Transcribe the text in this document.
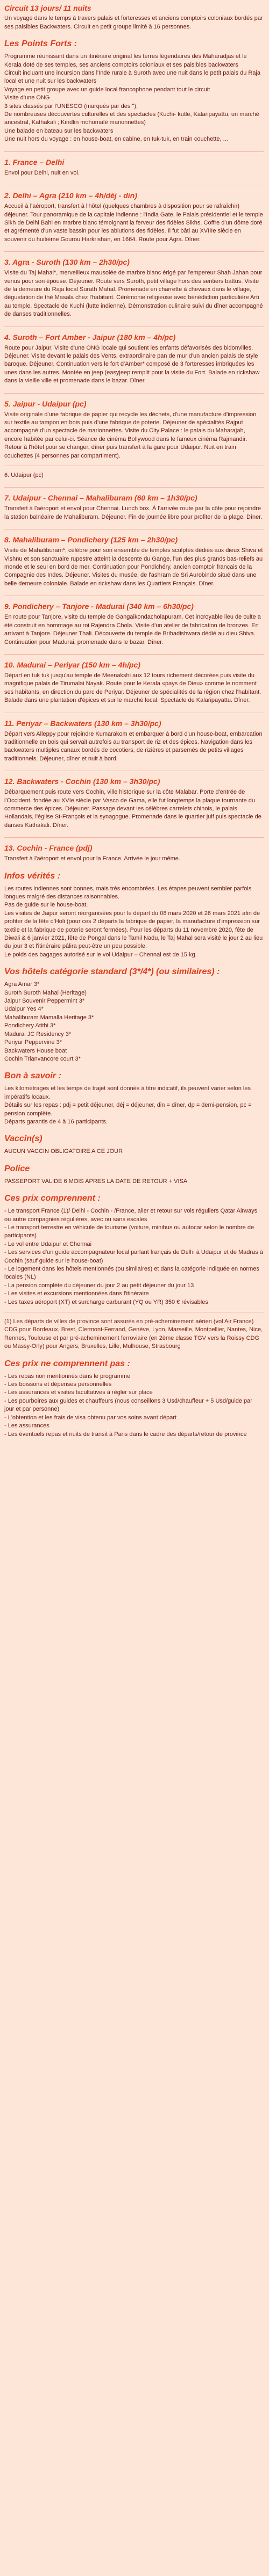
Circuit 13 jours/ 11 nuits

Un voyage dans le temps à travers palais et forteresses et anciens comptoirs coloniaux bordés par ses paisibles Backwaters. Circuit en petit groupe limité à 16 personnes.

Les Points Forts :

Programme réunissant dans un itinéraire original les terres légendaires des Maharadjas et le Kerala doté de ses temples, ses anciens comptoirs coloniaux et ses paisibles backwaters

Circuit incluant une incursion dans l'Inde rurale à Suroth avec une nuit dans le petit palais du Raja local et une nuit sur les backwaters

Voyage en petit groupe avec un guide local francophone pendant tout le circuit

Visite d'une ONG

3 sites classés par l'UNESCO (marqués par des "):

De nombreuses découvertes culturelles et des spectacles (Kuchi- kutle, Kalaripayattu, un marché ancestral, Kathakali ; Kindlin mohomalé marionnettes)

Une balade en bateau sur les backwaters

Une nuit hors du voyage : en house-boat, en cabine, en tuk-tuk, en train couchette, ...

1. France – Delhi

Envol pour Delhi, nuit en vol.

2. Delhi – Agra (210 km – 4h/déj - din)

Accueil à l'aéroport, transfert à l'hôtel (quelques chambres à disposition pour se rafraîchir) déjeuner. Tour panoramique de la capitale indienne : l'India Gate, le Palais présidentiel et le temple Sikh de Delhi Bahi en marbre blanc témoignant la ferveur des fidèles Sikhs. Coffre d'un dôme doré et agrémenté d'un vaste bassin pour les ablutions des fidèles. Il fut bâti au XVIIIe siècle en souvenir du huitième Gourou Harkrishan, en 1664. Route pour Agra. Dîner.

3. Agra - Suroth (130 km – 2h30/pc)

Visite du Taj Mahal*, merveilleux mausolée de marbre blanc érigé par l'empereur Shah Jahan pour venus pour son épouse. Déjeuner. Route vers Suroth, petit village hors des sentiers battus. Visite de la demeure du Raja local Surath Mahal. Promenade en charrette à chevaux dans le village, dégustation de thé Masala chez l'habitant. Cérémonie religieuse avec bénédiction particulière Arti au temple. Spectacle de Kuchi (lutte indienne). Démonstration culinaire suivi du dîner accompagné de danses traditionnelles.

4. Suroth – Fort Amber - Jaipur (180 km – 4h/pc)

Route pour Jaipur. Visite d'une ONG locale qui soutient les enfants défavorisés des bidonvilles. Déjeuner. Visite devant le palais des Vents, extraordinaire pan de mur d'un ancien palais de style baroque. Déjeuner. Continuation vers le fort d'Amber* composé de 3 forteresses imbriquées les unes dans les autres. Montée en jeep (easyjeep remplit pour la visite du Fort. Balade en rickshaw dans la vieille ville et promenade dans le bazar. Dîner.

5. Jaipur - Udaipur (pc)

Visite originale d'une fabrique de papier qui recycle les déchets, d'une manufacture d'impression sur textile au tampon en bois puis d'une fabrique de poterie. Déjeuner de spécialités Rajput accompagné d'un spectacle de marionnettes. Visite du City Palace : le palais du Maharajah, encore habitée par celui-ci. Séance de cinéma Bollywood dans le fameux cinéma Rajmandir. Retour à l'hôtel pour se changer, dîner puis transfert à la gare pour Udaipur. Nuit en train couchettes (4 personnes par compartiment).

6. Udaipur (pc)

7. Udaipur - Chennai – Mahaliburam (60 km – 1h30/pc)

Transfert à l'aéroport et envol pour Chennai. Lunch box. À l'arrivée route par la côte pour rejoindre la station balnéaire de Mahaliburam. Déjeuner. Fin de journée libre pour profiter de la plage. Dîner.

8. Mahaliburam – Pondichery (125 km – 2h30/pc)

Visite de Mahaliburam*, célèbre pour son ensemble de temples sculptés dédiés aux dieux Shiva et Vishnu et son sanctuaire rupestre atteint la descente du Gange, l'un des plus grands bas-reliefs au monde et le seul en bord de mer. Continuation pour Pondichéry, ancien comptoir français de la Compagnie des Indes. Déjeuner. Visites du musée, de l'ashram de Sri Aurobindo situé dans une belle demeure coloniale. Balade en rickshaw dans les Quartiers Français. Dîner.

9. Pondichery – Tanjore - Madurai (340 km – 6h30/pc)

En route pour Tanjore, visite du temple de Gangaikondacholapuram. Cet incroyable lieu de culte a été construit en hommage au roi Rajendra Chola. Visite d'un atelier de fabrication de bronzes. En arrivant à Tanjore. Déjeuner Thali. Découverte du temple de Brihadishwara dédié au dieu Shiva. Continuation pour Madurai, promenade dans le bazar. Dîner.

10. Madurai – Periyar (150 km – 4h/pc)

Départ en tuk tuk jusqu'au temple de Meenakshi aux 12 tours richement décorées puis visite du magnifique palais de Tirumalai Nayak. Route pour le Kerala «pays de Dieu» comme le nomment ses habitants, en direction du parc de Periyar. Déjeuner de spécialités de la région chez l'habitant. Balade dans une plantation d'épices et sur le marché local. Spectacle de Kalaripayattu. Dîner.

11. Periyar – Backwaters (130 km – 3h30/pc)

Départ vers Alleppy pour rejoindre Kumarakom et embarquer à bord d'un house-boat, embarcation traditionnelle en bois qui servait autrefois au transport de riz et des épices. Navigation dans les backwaters multiples canaux bordés de cocotiers, de rizières et parsemés de petits villages traditionnels. Déjeuner, dîner et nuit à bord.

12. Backwaters - Cochin (130 km – 3h30/pc)

Débarquement puis route vers Cochin, ville historique sur la côte Malabar. Porte d'entrée de l'Occident, fondée au XVIe siècle par Vasco de Gama, elle fut longtemps la plaque tournante du commerce des épices. Déjeuner. Passage devant les célèbres carrelets chinois, le palais Hollandais, l'église St-François et la synagogue. Promenade dans le quartier juif puis spectacle de danses Kathakali. Dîner.

13. Cochin - France (pdj)

Transfert à l'aéroport et envol pour la France. Arrivée le jour même.

Infos vérités :

Les routes indiennes sont bonnes, mais très encombrées. Les étapes peuvent sembler parfois longues malgré des distances raisonnables.

Pas de guide sur le house-boat.

Les visites de Jaipur seront réorganisées pour le départ du 08 mars 2020 et 26 mars 2021 afin de profiter de la fête d'Holi (pour ces 2 départs la fabrique de papier, la manufacture d'impression sur textile et la fabrique de poterie seront fermées). Pour les départs du 11 novembre 2020, fête de Diwali & 6 janvier 2021, fête de Pongal dans le Tamil Nadu, le Taj Mahal sera visité le jour 2 au lieu du jour 3 et l'itinéraire pâlira peut-être un peu possible.

Le poids des bagages autorisé sur le vol Udaipur – Chennai est de 15 kg.

Vos hôtels catégorie standard (3*/4*) (ou similaires) :
Agra Amar 3*
Suroth Suroth Mahal (Heritage)
Jaipur Souvenir Peppermint 3*
Udaipur Yes 4*
Mahaliburam Mamalla Heritage 3*
Pondichery Atithi 3*
Madurai JC Residency 3*
Periyar Peppervine 3*
Backwaters House boat
Cochin Trianvancore court 3*
Bon à savoir :

Les kilométrages et les temps de trajet sont donnés à titre indicatif, ils peuvent varier selon les impératifs locaux.

Détails sur les repas : pdj = petit déjeuner, déj = déjeuner, din = dîner, dp = demi-pension, pc = pension complète.

Départs garantis de 4 à 16 participants.

Vaccin(s)

AUCUN VACCIN OBLIGATOIRE A CE JOUR

Police

PASSEPORT VALIDE 6 MOIS APRES LA DATE DE RETOUR + VISA

Ces prix comprennent :

- Le transport France (1)/ Delhi - Cochin - /France, aller et retour sur vols réguliers Qatar Airways ou autre compagnies régulières, avec ou sans escales

- Le transport terrestre en véhicule de tourisme (voiture, minibus ou autocar selon le nombre de participants)

- Le vol entre Udaipur et Chennai

- Les services d'un guide accompagnateur local parlant français de Delhi à Udaipur et de Madras à Cochin (sauf guide sur le house-boat)

- Le logement dans les hôtels mentionnés (ou similaires) et dans la catégorie indiquée en normes locales (NL)

- La pension complète du déjeuner du jour 2 au petit déjeuner du jour 13

- Les visites et excursions mentionnées dans l'itinéraire

- Les taxes aéroport (XT) et surcharge carburant (YQ ou YR) 350 € révisables

(1) Les départs de villes de province sont assurés en pré-acheminement aérien (vol Air France) CDG pour Bordeaux, Brest, Clermont-Ferrand, Genève, Lyon, Marseille, Montpellier, Nantes, Nice, Rennes, Toulouse et par pré-acheminement ferroviaire (en 2ème classe TGV vers la Roissy CDG ou Massy-Orly) pour Angers, Bruxelles, Lille, Mulhouse, Strasbourg

Ces prix ne comprennent pas :

- Les repas non mentionnés dans le programme

- Les boissons et dépenses personnelles

- Les assurances et visites facultatives à régler sur place

- Les pourboires aux guides et chauffeurs (nous conseillons 3 Usd/chauffeur + 5 Usd/guide par jour et par personne)

- L'obtention et les frais de visa obtenu par vos soins avant départ

- Les assurances

- Les éventuels repas et nuits de transit à Paris dans le cadre des départs/retour de province
